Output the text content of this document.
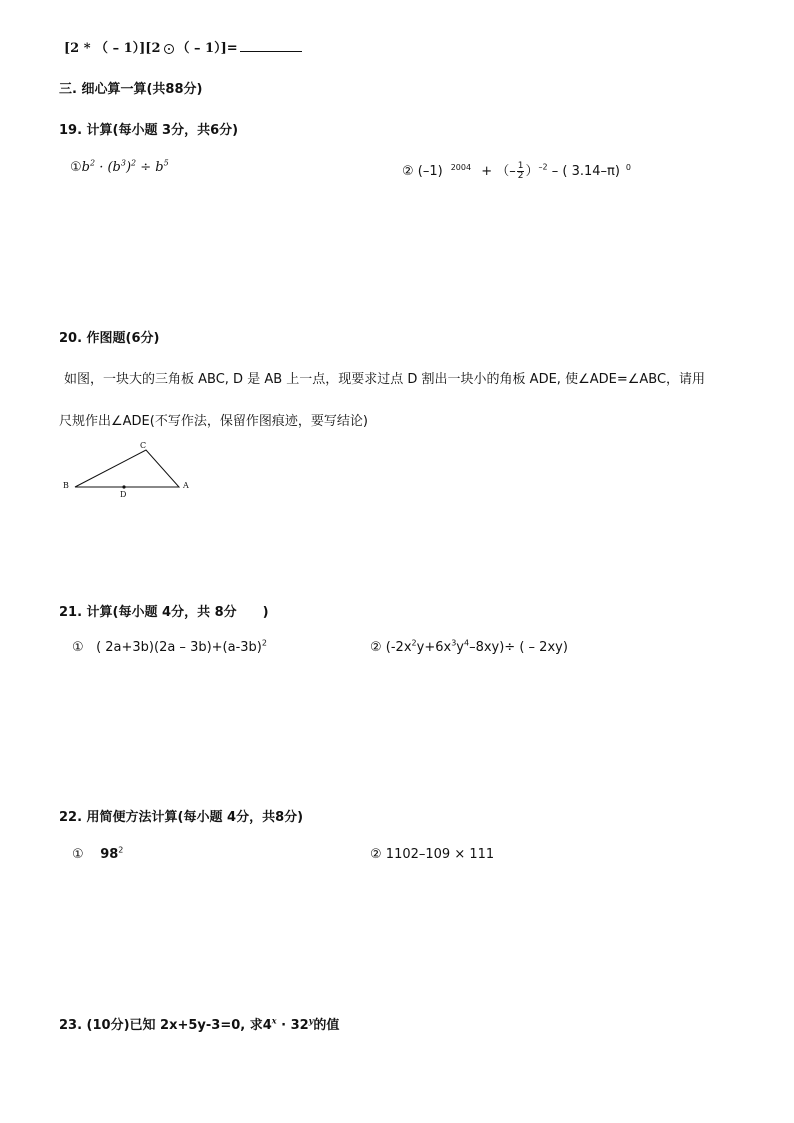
[2 * （ – 1）][2 （ – 1）]=
三. 细心算一算(共88分)
19. 计算(每小题 3分，共6分)
$①b^2 \cdot (b^3)^2 \div b^5$
② (–1) $^{2004}$ + （– $\frac{1}{2} )^{-2}$ – ( 3.14–π) $^0$
20. 作图题(6分)
如图，一块大的三角板 ABC, D 是 AB 上一点，现要求过点 D 割出一块小的角板 ADE, 使∠ADE=∠ABC，请用
尺规作出∠ADE(不写作法，保留作图痕迹，要写结论)
C
B	A
D
21. 计算(每小题 4分，共 8分　　)
① ( $2a+3b)(2a - 3b)+(a-3b)^2$	② $(-2x^2y+6x^3y^4-8xy)\div$ ( – 2xy)
22. 用简便方法计算(每小题 4分，共8分)
① $98^2$	② 1102–109 × 111
23. (10分)已知 2x+5y-3=0, 求$4^x \cdot 32^y$的值
